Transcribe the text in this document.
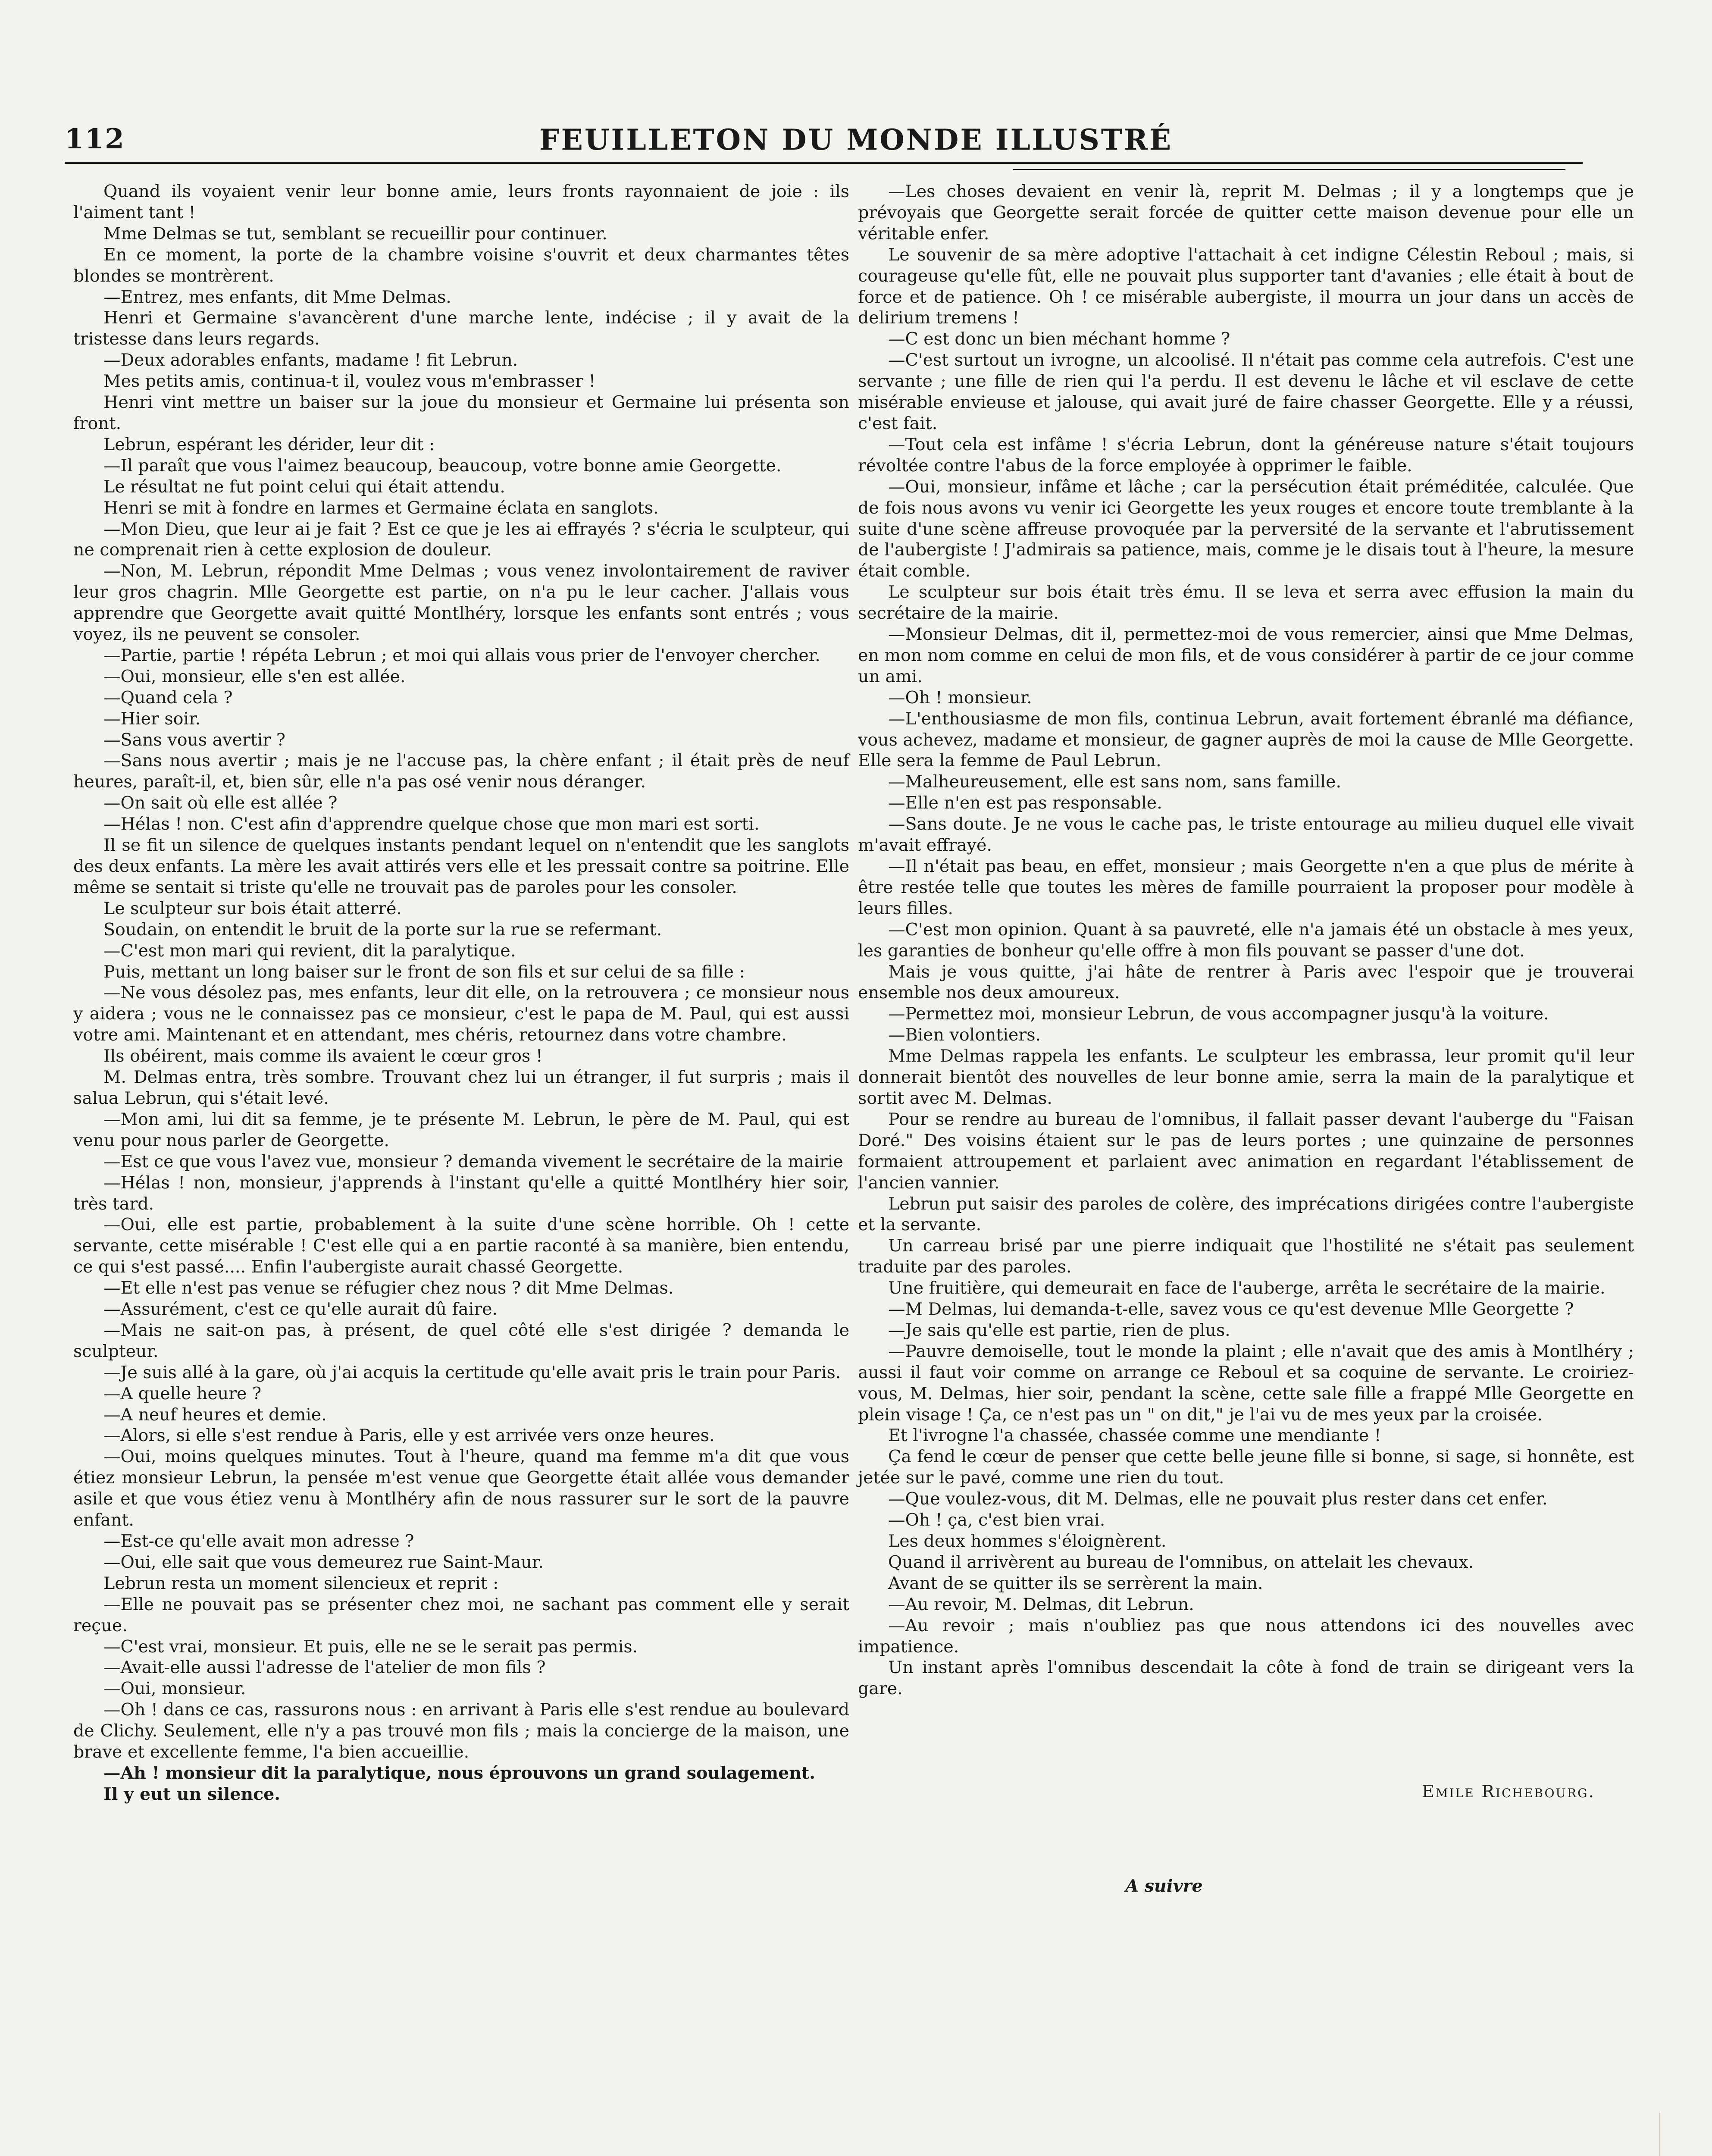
112	FEUILLETON DU MONDE ILLUSTRÉ

Quand ils voyaient venir leur bonne amie, leurs fronts rayonnaient de joie : ils l'aiment tant !

Mme Delmas se tut, semblant se recueillir pour continuer.

En ce moment, la porte de la chambre voisine s'ouvrit et deux charmantes têtes blondes se montrèrent.

—Entrez, mes enfants, dit Mme Delmas.

Henri et Germaine s'avancèrent d'une marche lente, indécise ; il y avait de la tristesse dans leurs regards.

—Deux adorables enfants, madame ! fit Lebrun.

Mes petits amis, continua-t il, voulez vous m'embrasser !

Henri vint mettre un baiser sur la joue du monsieur et Germaine lui présenta son front.

Lebrun, espérant les dérider, leur dit :

—Il paraît que vous l'aimez beaucoup, beaucoup, votre bonne amie Georgette.

Le résultat ne fut point celui qui était attendu.

Henri se mit à fondre en larmes et Germaine éclata en sanglots.

—Mon Dieu, que leur ai je fait ? Est ce que je les ai effrayés ? s'écria le sculpteur, qui ne comprenait rien à cette explosion de douleur.

—Non, M. Lebrun, répondit Mme Delmas ; vous venez involontairement de raviver leur gros chagrin. Mlle Georgette est partie, on n'a pu le leur cacher. J'allais vous apprendre que Georgette avait quitté Montlhéry, lorsque les enfants sont entrés ; vous voyez, ils ne peuvent se consoler.

—Partie, partie ! répéta Lebrun ; et moi qui allais vous prier de l'envoyer chercher.

—Oui, monsieur, elle s'en est allée.

—Quand cela ?

—Hier soir.

—Sans vous avertir ?

—Sans nous avertir ; mais je ne l'accuse pas, la chère enfant ; il était près de neuf heures, paraît-il, et, bien sûr, elle n'a pas osé venir nous déranger.

—On sait où elle est allée ?

—Hélas ! non. C'est afin d'apprendre quelque chose que mon mari est sorti.

Il se fit un silence de quelques instants pendant lequel on n'entendit que les sanglots des deux enfants. La mère les avait attirés vers elle et les pressait contre sa poitrine. Elle même se sentait si triste qu'elle ne trouvait pas de paroles pour les consoler.

Le sculpteur sur bois était atterré.

Soudain, on entendit le bruit de la porte sur la rue se refermant.

—C'est mon mari qui revient, dit la paralytique.

Puis, mettant un long baiser sur le front de son fils et sur celui de sa fille :

—Ne vous désolez pas, mes enfants, leur dit elle, on la retrouvera ; ce monsieur nous y aidera ; vous ne le connaissez pas ce monsieur, c'est le papa de M. Paul, qui est aussi votre ami. Maintenant et en attendant, mes chéris, retournez dans votre chambre.

Ils obéirent, mais comme ils avaient le cœur gros !

M. Delmas entra, très sombre. Trouvant chez lui un étranger, il fut surpris ; mais il salua Lebrun, qui s'était levé.

—Mon ami, lui dit sa femme, je te présente M. Lebrun, le père de M. Paul, qui est venu pour nous parler de Georgette.

—Est ce que vous l'avez vue, monsieur ? demanda vivement le secrétaire de la mairie

—Hélas ! non, monsieur, j'apprends à l'instant qu'elle a quitté Montlhéry hier soir, très tard.

—Oui, elle est partie, probablement à la suite d'une scène horrible. Oh ! cette servante, cette misérable ! C'est elle qui a en partie raconté à sa manière, bien entendu, ce qui s'est passé.... Enfin l'aubergiste aurait chassé Georgette.

—Et elle n'est pas venue se réfugier chez nous ? dit Mme Delmas.

—Assurément, c'est ce qu'elle aurait dû faire.

—Mais ne sait-on pas, à présent, de quel côté elle s'est dirigée ? demanda le sculpteur.

—Je suis allé à la gare, où j'ai acquis la certitude qu'elle avait pris le train pour Paris.

—A quelle heure ?

—A neuf heures et demie.

—Alors, si elle s'est rendue à Paris, elle y est arrivée vers onze heures.

—Oui, moins quelques minutes. Tout à l'heure, quand ma femme m'a dit que vous étiez monsieur Lebrun, la pensée m'est venue que Georgette était allée vous demander asile et que vous étiez venu à Montlhéry afin de nous rassurer sur le sort de la pauvre enfant.

—Est-ce qu'elle avait mon adresse ?

—Oui, elle sait que vous demeurez rue Saint-Maur.

Lebrun resta un moment silencieux et reprit :

—Elle ne pouvait pas se présenter chez moi, ne sachant pas comment elle y serait reçue.

—C'est vrai, monsieur. Et puis, elle ne se le serait pas permis.

—Avait-elle aussi l'adresse de l'atelier de mon fils ?

—Oui, monsieur.

—Oh ! dans ce cas, rassurons nous : en arrivant à Paris elle s'est rendue au boulevard de Clichy. Seulement, elle n'y a pas trouvé mon fils ; mais la concierge de la maison, une brave et excellente femme, l'a bien accueillie.

—Ah ! monsieur dit la paralytique, nous éprouvons un grand soulagement.

Il y eut un silence.

—Les choses devaient en venir là, reprit M. Delmas ; il y a longtemps que je prévoyais que Georgette serait forcée de quitter cette maison devenue pour elle un véritable enfer.

Le souvenir de sa mère adoptive l'attachait à cet indigne Célestin Reboul ; mais, si courageuse qu'elle fût, elle ne pouvait plus supporter tant d'avanies ; elle était à bout de force et de patience. Oh ! ce misérable aubergiste, il mourra un jour dans un accès de delirium tremens !

—C est donc un bien méchant homme ?

—C'est surtout un ivrogne, un alcoolisé. Il n'était pas comme cela autrefois. C'est une servante ; une fille de rien qui l'a perdu. Il est devenu le lâche et vil esclave de cette misérable envieuse et jalouse, qui avait juré de faire chasser Georgette. Elle y a réussi, c'est fait.

—Tout cela est infâme ! s'écria Lebrun, dont la généreuse nature s'était toujours révoltée contre l'abus de la force employée à opprimer le faible.

—Oui, monsieur, infâme et lâche ; car la persécution était préméditée, calculée. Que de fois nous avons vu venir ici Georgette les yeux rouges et encore toute tremblante à la suite d'une scène affreuse provoquée par la perversité de la servante et l'abrutissement de l'aubergiste ! J'admirais sa patience, mais, comme je le disais tout à l'heure, la mesure était comble.

Le sculpteur sur bois était très ému. Il se leva et serra avec effusion la main du secrétaire de la mairie.

—Monsieur Delmas, dit il, permettez-moi de vous remercier, ainsi que Mme Delmas, en mon nom comme en celui de mon fils, et de vous considérer à partir de ce jour comme un ami.

—Oh ! monsieur.

—L'enthousiasme de mon fils, continua Lebrun, avait fortement ébranlé ma défiance, vous achevez, madame et monsieur, de gagner auprès de moi la cause de Mlle Georgette. Elle sera la femme de Paul Lebrun.

—Malheureusement, elle est sans nom, sans famille.

—Elle n'en est pas responsable.

—Sans doute. Je ne vous le cache pas, le triste entourage au milieu duquel elle vivait m'avait effrayé.

—Il n'était pas beau, en effet, monsieur ; mais Georgette n'en a que plus de mérite à être restée telle que toutes les mères de famille pourraient la proposer pour modèle à leurs filles.

—C'est mon opinion. Quant à sa pauvreté, elle n'a jamais été un obstacle à mes yeux, les garanties de bonheur qu'elle offre à mon fils pouvant se passer d'une dot.

Mais je vous quitte, j'ai hâte de rentrer à Paris avec l'espoir que je trouverai ensemble nos deux amoureux.

—Permettez moi, monsieur Lebrun, de vous accompagner jusqu'à la voiture.

—Bien volontiers.

Mme Delmas rappela les enfants. Le sculpteur les embrassa, leur promit qu'il leur donnerait bientôt des nouvelles de leur bonne amie, serra la main de la paralytique et sortit avec M. Delmas.

Pour se rendre au bureau de l'omnibus, il fallait passer devant l'auberge du "Faisan Doré." Des voisins étaient sur le pas de leurs portes ; une quinzaine de personnes formaient attroupement et parlaient avec animation en regardant l'établissement de l'ancien vannier.

Lebrun put saisir des paroles de colère, des imprécations dirigées contre l'aubergiste et la servante.

Un carreau brisé par une pierre indiquait que l'hostilité ne s'était pas seulement traduite par des paroles.

Une fruitière, qui demeurait en face de l'auberge, arrêta le secrétaire de la mairie.

—M Delmas, lui demanda-t-elle, savez vous ce qu'est devenue Mlle Georgette ?

—Je sais qu'elle est partie, rien de plus.

—Pauvre demoiselle, tout le monde la plaint ; elle n'avait que des amis à Montlhéry ; aussi il faut voir comme on arrange ce Reboul et sa coquine de servante. Le croiriez-vous, M. Delmas, hier soir, pendant la scène, cette sale fille a frappé Mlle Georgette en plein visage ! Ça, ce n'est pas un " on dit," je l'ai vu de mes yeux par la croisée.

Et l'ivrogne l'a chassée, chassée comme une mendiante !

Ça fend le cœur de penser que cette belle jeune fille si bonne, si sage, si honnête, est jetée sur le pavé, comme une rien du tout.

—Que voulez-vous, dit M. Delmas, elle ne pouvait plus rester dans cet enfer.

—Oh ! ça, c'est bien vrai.

Les deux hommes s'éloignèrent.

Quand il arrivèrent au bureau de l'omnibus, on attelait les chevaux.

Avant de se quitter ils se serrèrent la main.

—Au revoir, M. Delmas, dit Lebrun.

—Au revoir ; mais n'oubliez pas que nous attendons ici des nouvelles avec impatience.

Un instant après l'omnibus descendait la côte à fond de train se dirigeant vers la gare.

Emile Richebourg.
A suivre
